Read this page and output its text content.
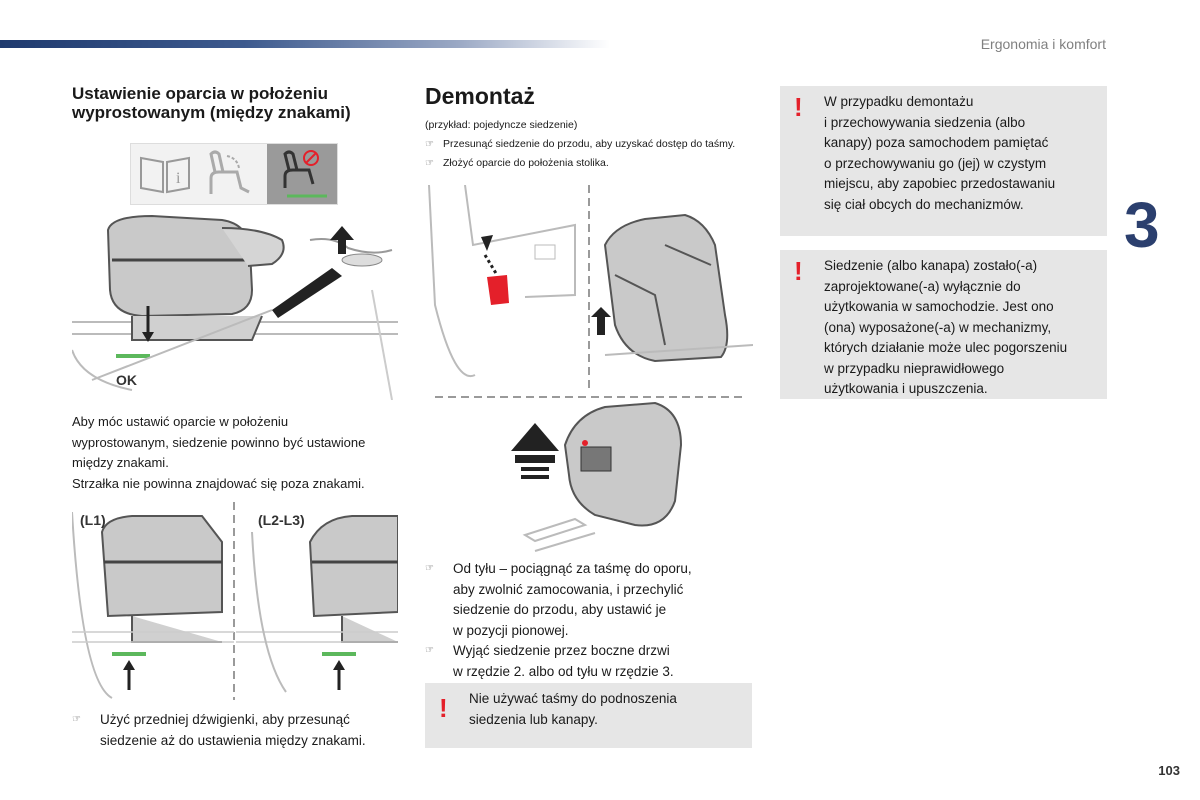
Ergonomia i komfort
3
103
Ustawienie oparcia w położeniu
wyprostowanym (między znakami)
i
OK
Aby móc ustawić oparcie w położeniu
wyprostowanym, siedzenie powinno być ustawione
między znakami.
Strzałka nie powinna znajdować się poza znakami.
(L1)	(L2-L3)
☞	Użyć przedniej dźwigienki, aby przesunąć
siedzenie aż do ustawienia między znakami.
Demontaż
(przykład: pojedyncze siedzenie)
☞ Przesunąć siedzenie do przodu, aby uzyskać dostęp do taśmy.
☞ Złożyć oparcie do położenia stolika.
☞	Od tyłu – pociągnąć za taśmę do oporu,
aby zwolnić zamocowania, i przechylić
siedzenie do przodu, aby ustawić je
w pozycji pionowej.
☞	Wyjąć siedzenie przez boczne drzwi
w rzędzie 2. albo od tyłu w rzędzie 3.
! Nie używać taśmy do podnoszenia
siedzenia lub kanapy.
! W przypadku demontażu
i przechowywania siedzenia (albo
kanapy) poza samochodem pamiętać
o przechowywaniu go (jej) w czystym
miejscu, aby zapobiec przedostawaniu
się ciał obcych do mechanizmów.
! Siedzenie (albo kanapa) zostało(-a)
zaprojektowane(-a) wyłącznie do
użytkowania w samochodzie. Jest ono
(ona) wyposażone(-a) w mechanizmy,
których działanie może ulec pogorszeniu
w przypadku nieprawidłowego
użytkowania i upuszczenia.
